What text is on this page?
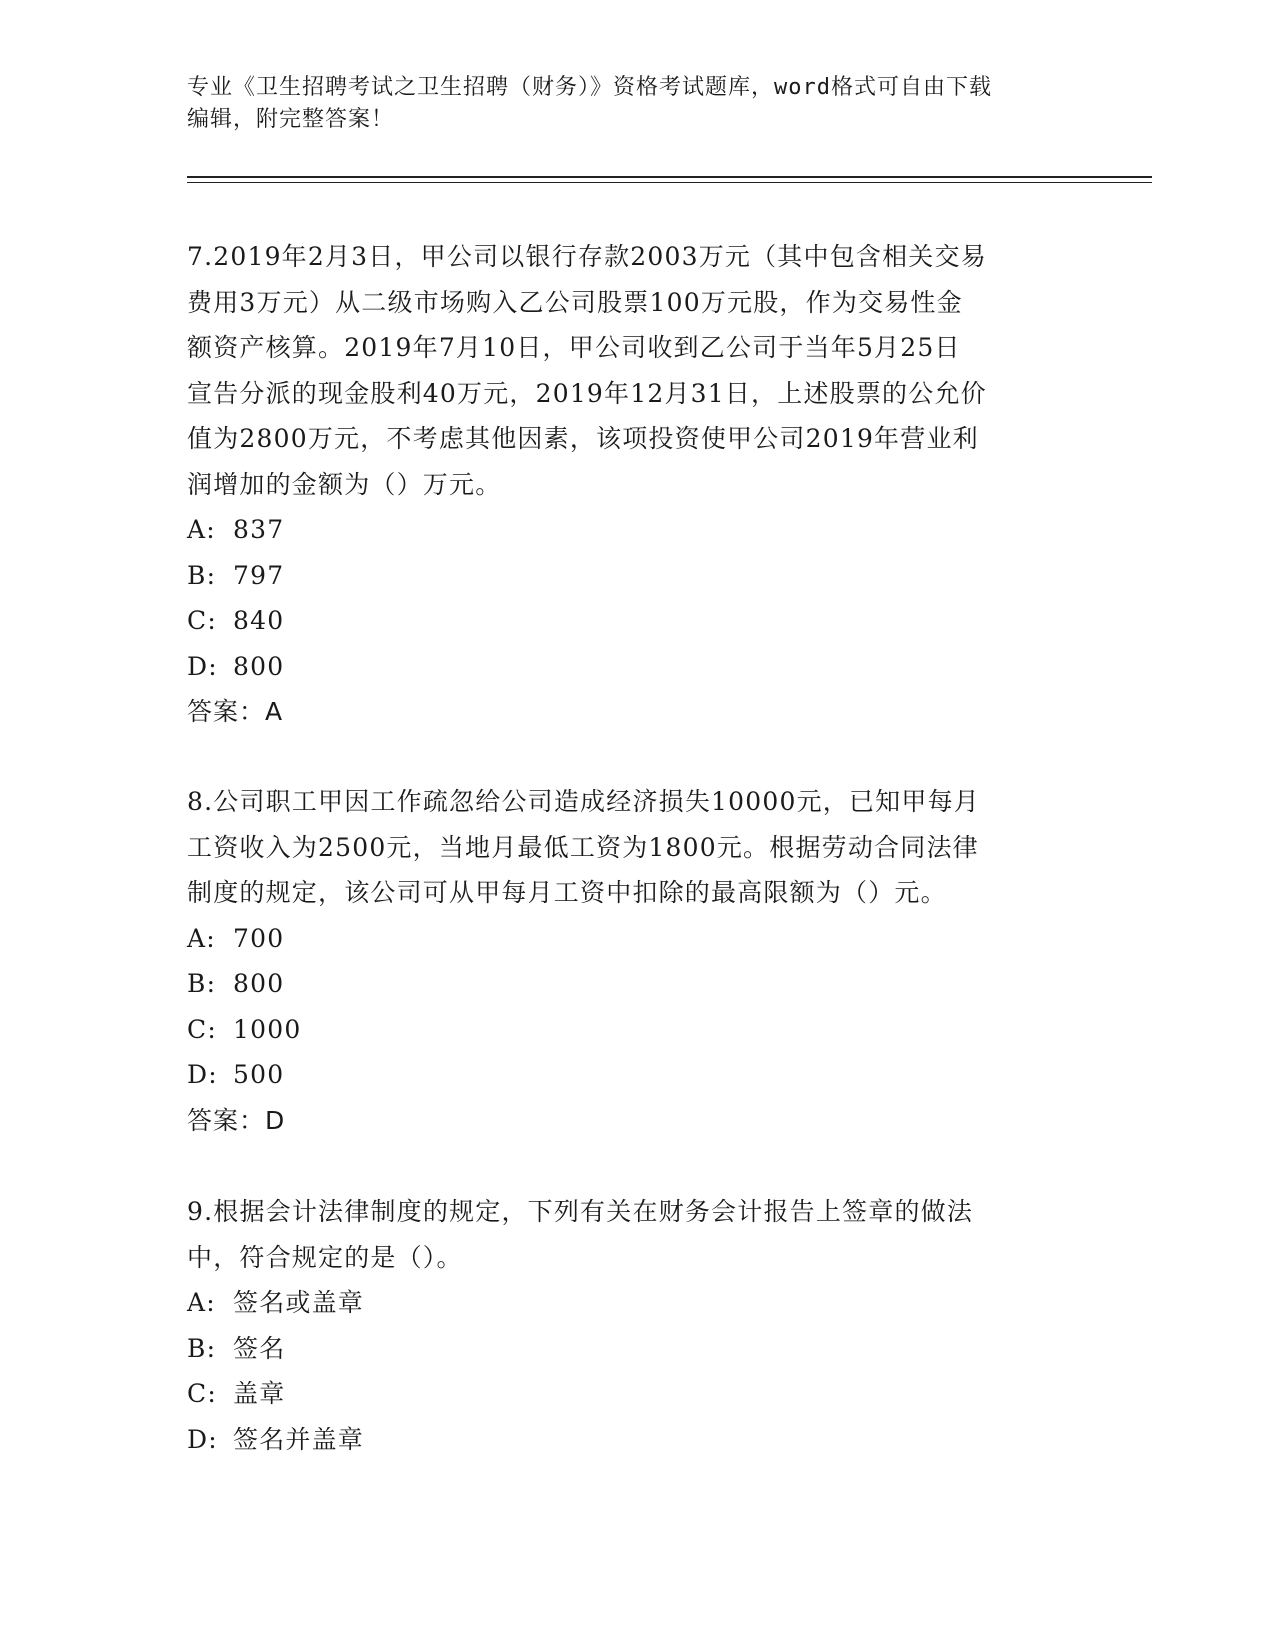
专业《卫生招聘考试之卫生招聘（财务）》资格考试题库，word格式可自由下载
编辑，附完整答案！

7.2019年2月3日，甲公司以银行存款2003万元（其中包含相关交易

费用3万元）从二级市场购入乙公司股票100万元股，作为交易性金

额资产核算。2019年7月10日，甲公司收到乙公司于当年5月25日

宣告分派的现金股利40万元，2019年12月31日，上述股票的公允价

值为2800万元，不考虑其他因素，该项投资使甲公司2019年营业利

润增加的金额为（）万元。

A: 837

B: 797

C: 840

D: 800

答案：A

8.公司职工甲因工作疏忽给公司造成经济损失10000元，已知甲每月

工资收入为2500元，当地月最低工资为1800元。根据劳动合同法律

制度的规定，该公司可从甲每月工资中扣除的最高限额为（）元。

A: 700

B: 800

C: 1000

D: 500

答案：D

9.根据会计法律制度的规定，下列有关在财务会计报告上签章的做法

中，符合规定的是（）。

A: 签名或盖章

B: 签名

C: 盖章

D: 签名并盖章
